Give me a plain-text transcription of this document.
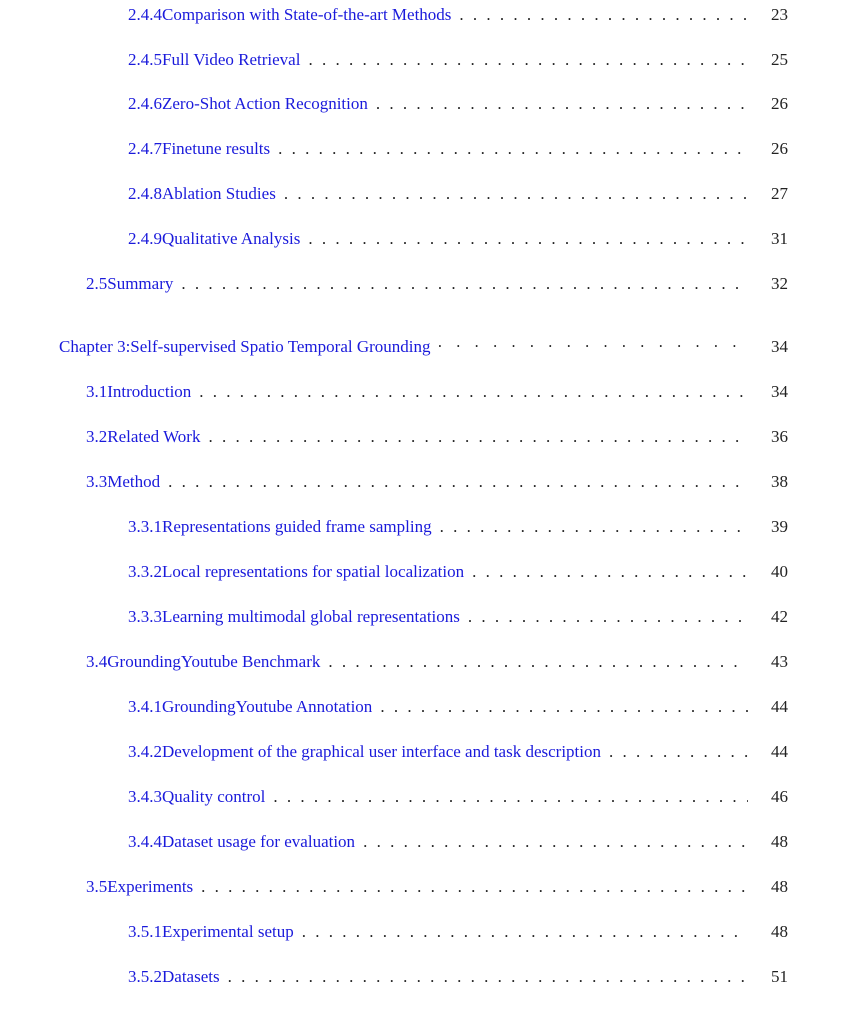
2.4.4 Comparison with State-of-the-art Methods . . .	23
2.4.5 Full Video Retrieval . . .	25
2.4.6 Zero-Shot Action Recognition . . .	26
2.4.7 Finetune results . . .	26
2.4.8 Ablation Studies . . .	27
2.4.9 Qualitative Analysis . . .	31
2.5 Summary . . .	32
Chapter 3: Self-supervised Spatio Temporal Grounding • • •	34
3.1 Introduction . . .	34
3.2 Related Work . . .	36
3.3 Method . . .	38
3.3.1 Representations guided frame sampling . . .	39
3.3.2 Local representations for spatial localization . . .	40
3.3.3 Learning multimodal global representations . . .	42
3.4 GroundingYoutube Benchmark . . .	43
3.4.1 GroundingYoutube Annotation . . .	44
3.4.2 Development of the graphical user interface and task description . . .	44
3.4.3 Quality control . . .	46
3.4.4 Dataset usage for evaluation . . .	48
3.5 Experiments . . .	48
3.5.1 Experimental setup . . .	48
3.5.2 Datasets . . .	51
